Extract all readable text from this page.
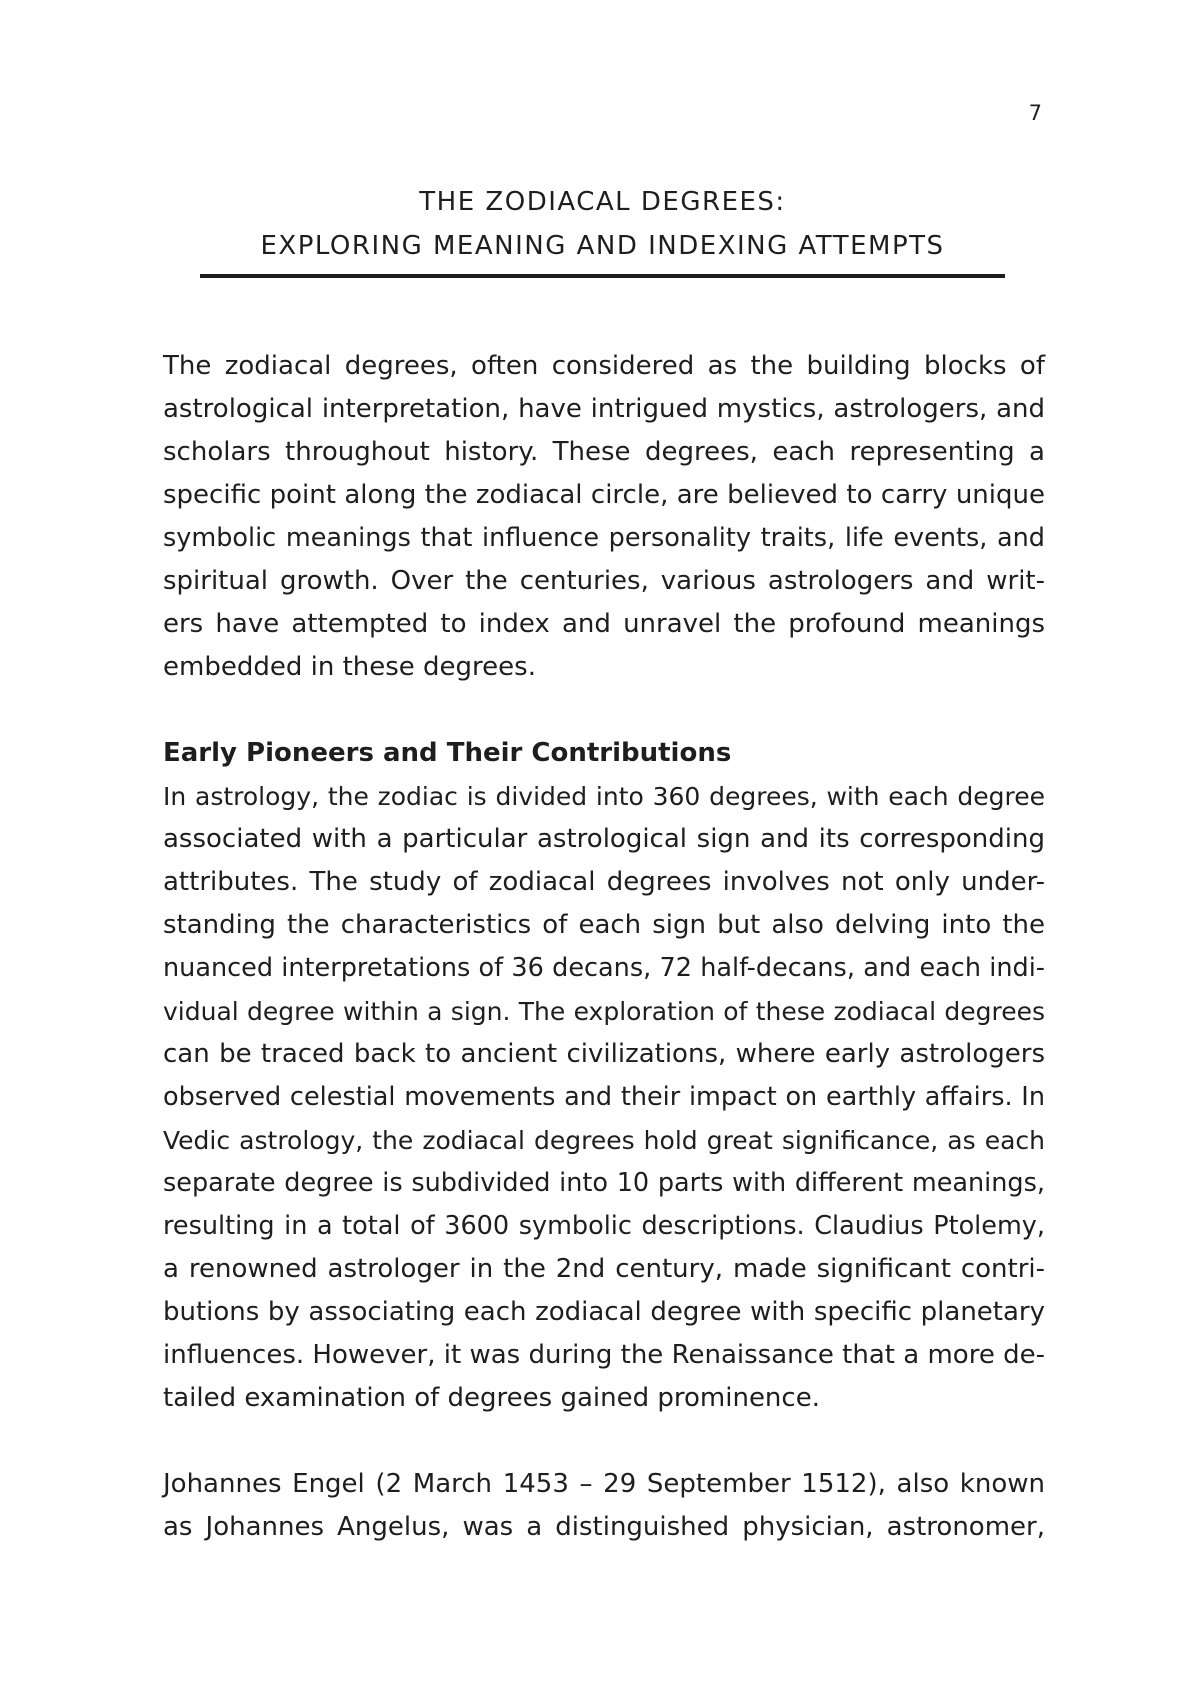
7
THE ZODIACAL DEGREES:
EXPLORING MEANING AND INDEXING ATTEMPTS
The zodiacal degrees, often considered as the building blocks of
astrological interpretation, have intrigued mystics, astrologers, and
scholars throughout history. These degrees, each representing a
specific point along the zodiacal circle, are believed to carry unique
symbolic meanings that influence personality traits, life events, and
spiritual growth. Over the centuries, various astrologers and writ-
ers have attempted to index and unravel the profound meanings
embedded in these degrees.
Early Pioneers and Their Contributions
In astrology, the zodiac is divided into 360 degrees, with each degree
associated with a particular astrological sign and its corresponding
attributes. The study of zodiacal degrees involves not only under-
standing the characteristics of each sign but also delving into the
nuanced interpretations of 36 decans, 72 half-decans, and each indi-
vidual degree within a sign. The exploration of these zodiacal degrees
can be traced back to ancient civilizations, where early astrologers
observed celestial movements and their impact on earthly affairs. In
Vedic astrology, the zodiacal degrees hold great significance, as each
separate degree is subdivided into 10 parts with different meanings,
resulting in a total of 3600 symbolic descriptions. Claudius Ptolemy,
a renowned astrologer in the 2nd century, made significant contri-
butions by associating each zodiacal degree with specific planetary
influences. However, it was during the Renaissance that a more de-
tailed examination of degrees gained prominence.
Johannes Engel (2 March 1453 – 29 September 1512), also known
as Johannes Angelus, was a distinguished physician, astronomer,
